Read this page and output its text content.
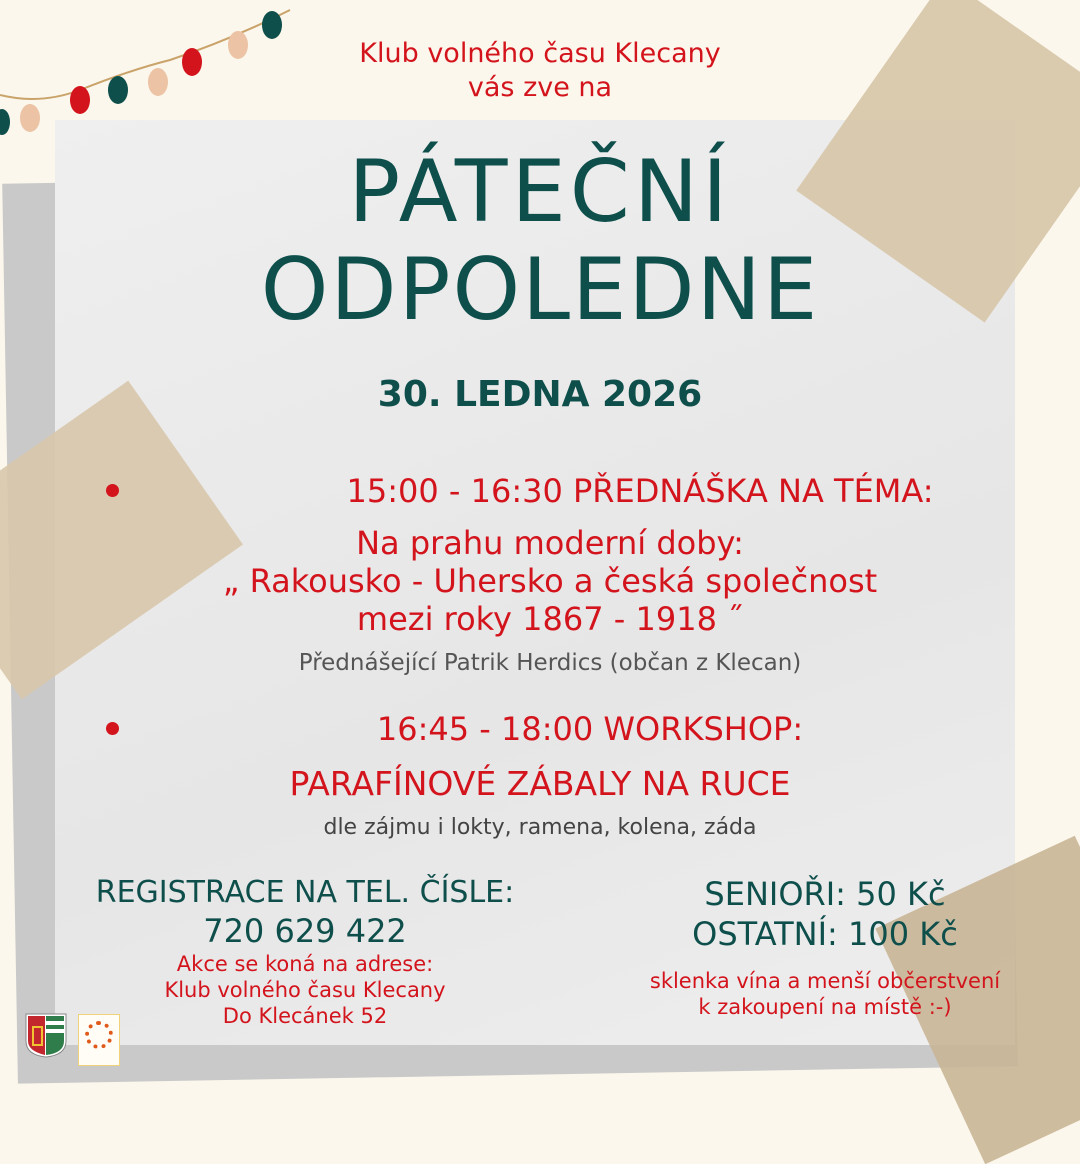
Klub volného času Klecany
vás zve na
PÁTEČNÍ
ODPOLEDNE
30. LEDNA 2026
15:00 - 16:30 PŘEDNÁŠKA NA TÉMA:
Na prahu moderní doby:
„ Rakousko - Uhersko a česká společnost
mezi roky 1867 - 1918 ˝
Přednášející Patrik Herdics (občan z Klecan)
16:45 - 18:00 WORKSHOP:
PARAFÍNOVÉ ZÁBALY NA RUCE
dle zájmu i lokty, ramena, kolena, záda
REGISTRACE NA TEL. ČÍSLE:
720 629 422
Akce se koná na adrese:
Klub volného času Klecany
Do Klecánek 52
SENIOŘI: 50 Kč
OSTATNÍ: 100 Kč
sklenka vína a menší občerstvení
k zakoupení na místě :-)
